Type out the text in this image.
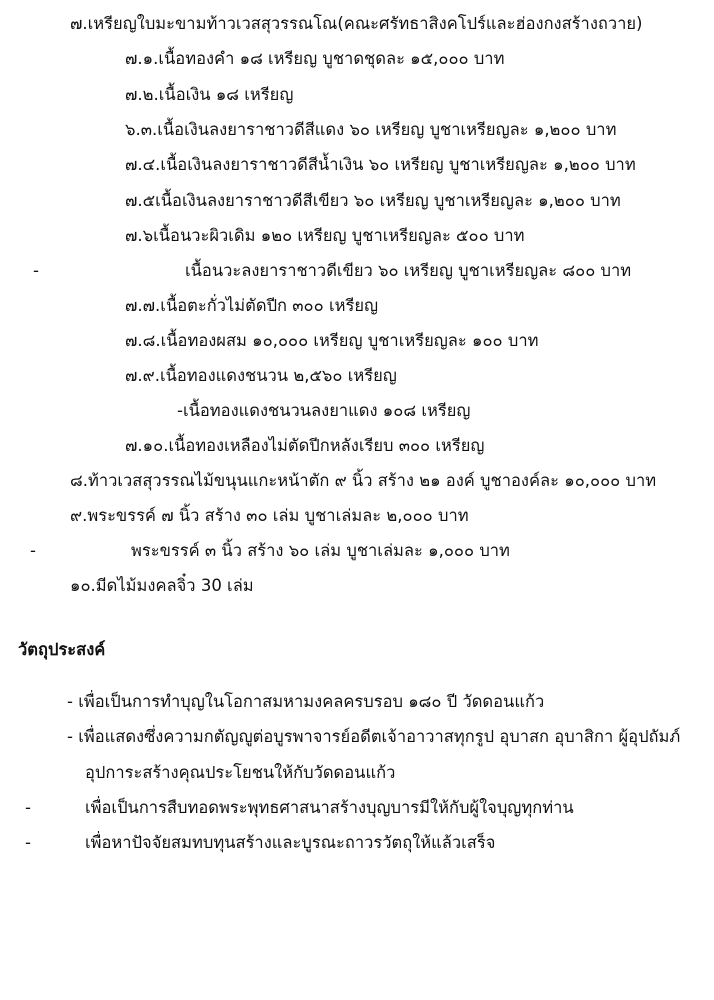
๗.เหรียญใบมะขามท้าวเวสสุวรรณโณ(คณะศรัทธาสิงคโปร์และฮ่องกงสร้างถวาย)
๗.๑.เนื้อทองคำ ๑๘ เหรียญ บูชาดชุดละ ๑๕,๐๐๐ บาท
๗.๒.เนื้อเงิน ๑๘ เหรียญ
๖.๓.เนื้อเงินลงยาราชาวดีสีแดง ๖๐ เหรียญ บูชาเหรียญละ ๑,๒๐๐ บาท
๗.๔.เนื้อเงินลงยาราชาวดีสีน้ำเงิน ๖๐ เหรียญ บูชาเหรียญละ ๑,๒๐๐ บาท
๗.๕เนื้อเงินลงยาราชาวดีสีเขียว ๖๐ เหรียญ บูชาเหรียญละ ๑,๒๐๐ บาท
๗.๖เนื้อนวะผิวเดิม ๑๒๐ เหรียญ บูชาเหรียญละ ๕๐๐ บาท
-	เนื้อนวะลงยาราชาวดีเขียว ๖๐ เหรียญ บูชาเหรียญละ ๘๐๐ บาท
๗.๗.เนื้อตะกั่วไม่ตัดปีก ๓๐๐ เหรียญ
๗.๘.เนื้อทองผสม ๑๐,๐๐๐ เหรียญ บูชาเหรียญละ ๑๐๐ บาท
๗.๙.เนื้อทองแดงชนวน ๒,๕๖๐ เหรียญ
-เนื้อทองแดงชนวนลงยาแดง ๑๐๘ เหรียญ
๗.๑๐.เนื้อทองเหลืองไม่ตัดปีกหลังเรียบ ๓๐๐ เหรียญ
๘.ท้าวเวสสุวรรณไม้ขนุนแกะหน้าตัก ๙ นิ้ว สร้าง ๒๑ องค์ บูชาองค์ละ ๑๐,๐๐๐ บาท
๙.พระขรรค์ ๗ นิ้ว สร้าง ๓๐ เล่ม บูชาเล่มละ ๒,๐๐๐ บาท
-	พระขรรค์ ๓ นิ้ว สร้าง ๖๐ เล่ม บูชาเล่มละ ๑,๐๐๐ บาท
๑๐.มีดไม้มงคลจิ๋ว 30 เล่ม
วัตถุประสงค์
- เพื่อเป็นการทำบุญในโอกาสมหามงคลครบรอบ ๑๘๐ ปี วัดดอนแก้ว
- เพื่อแสดงซึ่งความกตัญญูต่อบูรพาจารย์อดีตเจ้าอาวาสทุกรูป อุบาสก อุบาสิกา ผู้อุปถัมภ์
อุปการะสร้างคุณประโยชนให้กับวัดดอนแก้ว
-	เพื่อเป็นการสืบทอดพระพุทธศาสนาสร้างบุญบารมีให้กับผู้ใจบุญทุกท่าน
-	เพื่อหาปัจจัยสมทบทุนสร้างและบูรณะถาวรวัตถุให้แล้วเสร็จ
